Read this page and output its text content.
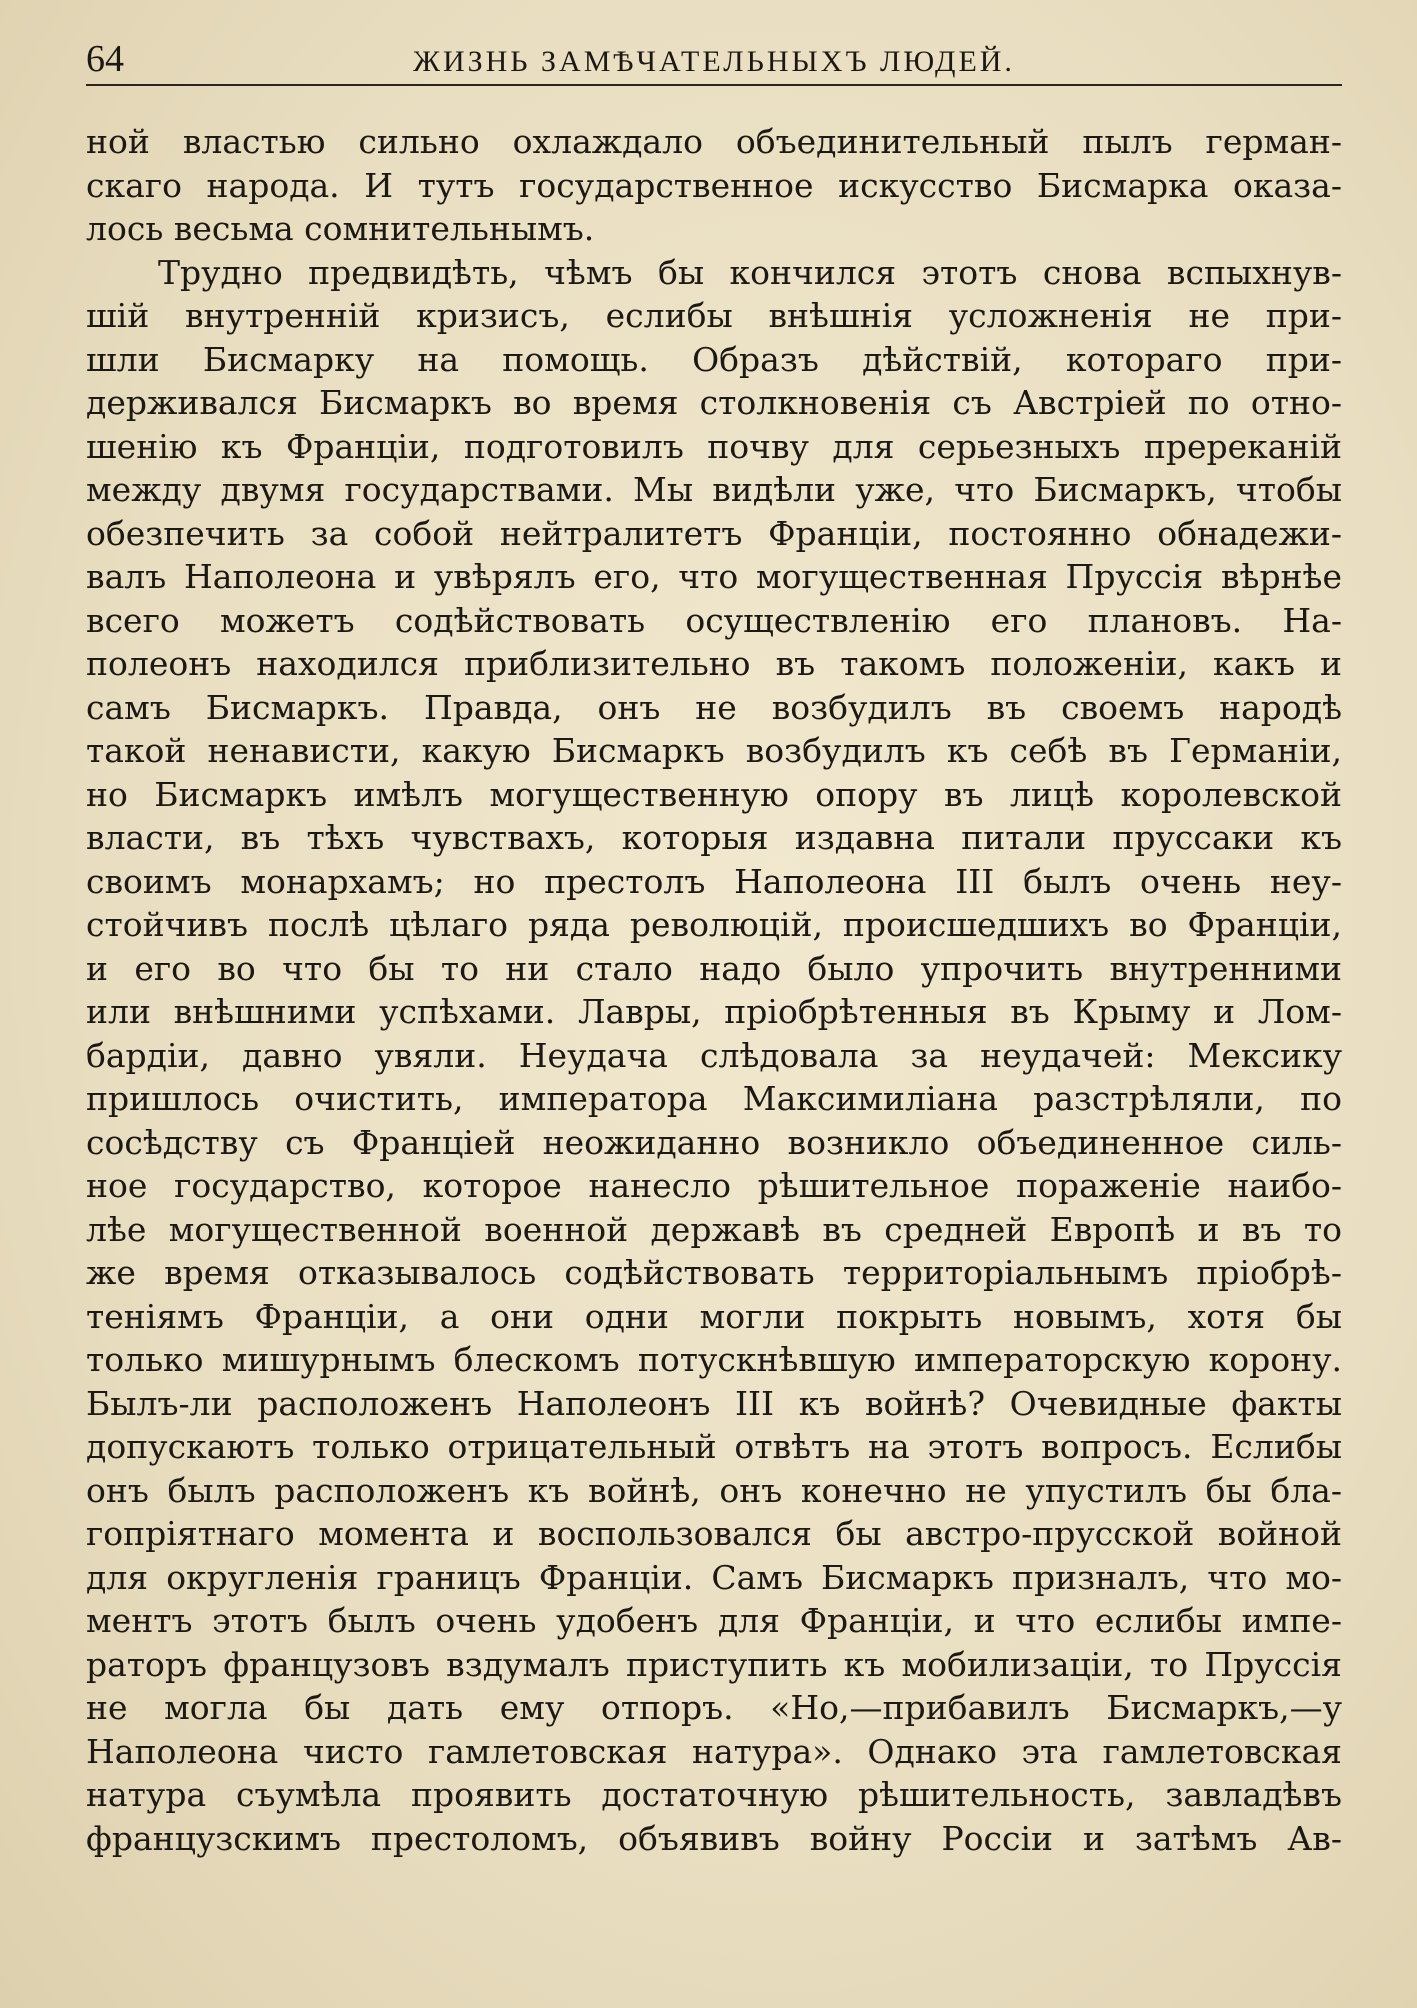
64	ЖИЗНЬ ЗАМѢЧАТЕЛЬНЫХЪ ЛЮДЕЙ.
ной властью сильно охлаждало объединительный пылъ герман-
скаго народа. И тутъ государственное искусство Бисмарка оказа-
лось весьма сомнительнымъ.
Трудно предвидѣть, чѣмъ бы кончился этотъ снова вспыхнув-
шій внутренній кризисъ, еслибы внѣшнія усложненія не при-
шли Бисмарку на помощь. Образъ дѣйствій, котораго при-
держивался Бисмаркъ во время столкновенія съ Австріей по отно-
шенію къ Франціи, подготовилъ почву для серьезныхъ пререканій
между двумя государствами. Мы видѣли уже, что Бисмаркъ, чтобы
обезпечить за собой нейтралитетъ Франціи, постоянно обнадежи-
валъ Наполеона и увѣрялъ его, что могущественная Пруссія вѣрнѣе
всего можетъ содѣйствовать осуществленію его плановъ. На-
полеонъ находился приблизительно въ такомъ положеніи, какъ и
самъ Бисмаркъ. Правда, онъ не возбудилъ въ своемъ народѣ
такой ненависти, какую Бисмаркъ возбудилъ къ себѣ въ Германіи,
но Бисмаркъ имѣлъ могущественную опору въ лицѣ королевской
власти, въ тѣхъ чувствахъ, которыя издавна питали пруссаки къ
своимъ монархамъ; но престолъ Наполеона III былъ очень неу-
стойчивъ послѣ цѣлаго ряда революцій, происшедшихъ во Франціи,
и его во что бы то ни стало надо было упрочить внутренними
или внѣшними успѣхами. Лавры, пріобрѣтенныя въ Крыму и Лом-
бардіи, давно увяли. Неудача слѣдовала за неудачей: Мексику
пришлось очистить, императора Максимиліана разстрѣляли, по
сосѣдству съ Франціей неожиданно возникло объединенное силь-
ное государство, которое нанесло рѣшительное пораженіе наибо-
лѣе могущественной военной державѣ въ средней Европѣ и въ то
же время отказывалось содѣйствовать территоріальнымъ пріобрѣ-
теніямъ Франціи, а они одни могли покрыть новымъ, хотя бы
только мишурнымъ блескомъ потускнѣвшую императорскую корону.
Былъ-ли расположенъ Наполеонъ III къ войнѣ? Очевидные факты
допускаютъ только отрицательный отвѣтъ на этотъ вопросъ. Еслибы
онъ былъ расположенъ къ войнѣ, онъ конечно не упустилъ бы бла-
гопріятнаго момента и воспользовался бы австро-прусской войной
для округленія границъ Франціи. Самъ Бисмаркъ призналъ, что мо-
ментъ этотъ былъ очень удобенъ для Франціи, и что еслибы импе-
раторъ французовъ вздумалъ приступить къ мобилизаціи, то Пруссія
не могла бы дать ему отпоръ. «Но,—прибавилъ Бисмаркъ,—у
Наполеона чисто гамлетовская натура». Однако эта гамлетовская
натура съумѣла проявить достаточную рѣшительность, завладѣвъ
французскимъ престоломъ, объявивъ войну Россіи и затѣмъ Ав-
